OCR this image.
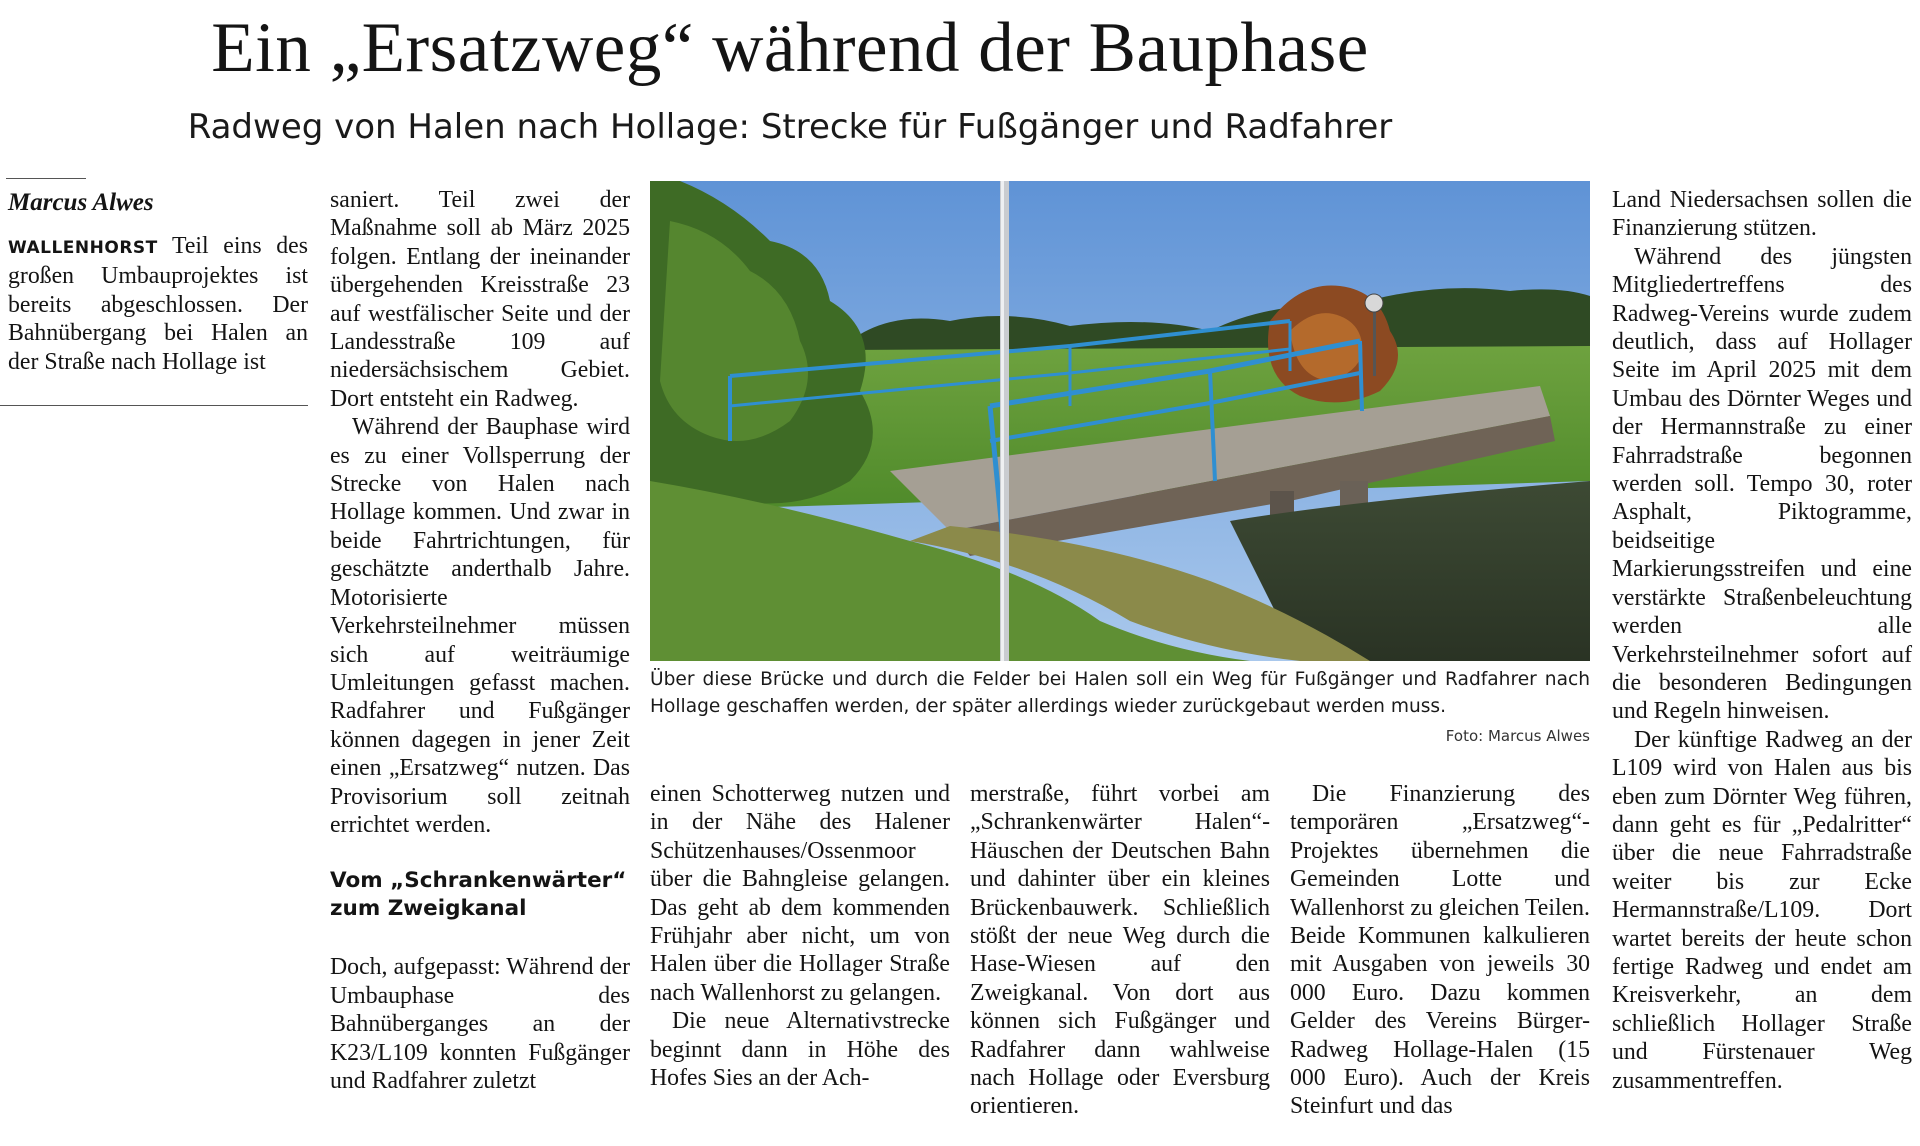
Ein „Ersatzweg“ während der Bauphase
Radweg von Halen nach Hollage: Strecke für Fußgänger und Radfahrer
Marcus Alwes

WALLENHORST Teil eins des großen Umbauprojektes ist bereits abgeschlossen. Der Bahnübergang bei Halen an der Straße nach Hollage ist

saniert. Teil zwei der Maßnahme soll ab März 2025 folgen. Entlang der ineinander übergehenden Kreisstraße 23 auf westfälischer Seite und der Landesstraße 109 auf niedersächsischem Gebiet. Dort entsteht ein Radweg.

Während der Bauphase wird es zu einer Vollsperrung der Strecke von Halen nach Hollage kommen. Und zwar in beide Fahrtrichtungen, für geschätzte anderthalb Jahre. Motorisierte Verkehrsteilnehmer müssen sich auf weiträumige Umleitungen gefasst machen. Radfahrer und Fußgänger können dagegen in jener Zeit einen „Ersatzweg“ nutzen. Das Provisorium soll zeitnah errichtet werden.

Vom „Schrankenwärter“
zum Zweigkanal

Doch, aufgepasst: Während der Umbauphase des Bahnüberganges an der K23/L109 konnten Fußgänger und Radfahrer zuletzt

Über diese Brücke und durch die Felder bei Halen soll ein Weg für Fußgänger und Radfahrer nach Hollage geschaffen werden, der später allerdings wieder zurückgebaut werden muss.
Foto: Marcus Alwes

einen Schotterweg nutzen und in der Nähe des Halener Schützenhauses/Ossenmoor über die Bahngleise gelangen. Das geht ab dem kommenden Frühjahr aber nicht, um von Halen über die Hollager Straße nach Wallenhorst zu gelangen.

Die neue Alternativstrecke beginnt dann in Höhe des Hofes Sies an der Ach-

merstraße, führt vorbei am „Schrankenwärter Halen“-Häuschen der Deutschen Bahn und dahinter über ein kleines Brückenbauwerk. Schließlich stößt der neue Weg durch die Hase-Wiesen auf den Zweigkanal. Von dort aus können sich Fußgänger und Radfahrer dann wahlweise nach Hollage oder Eversburg orientieren.

Die Finanzierung des temporären „Ersatzweg“-Projektes übernehmen die Gemeinden Lotte und Wallenhorst zu gleichen Teilen. Beide Kommunen kalkulieren mit Ausgaben von jeweils 30 000 Euro. Dazu kommen Gelder des Vereins Bürger-Radweg Hollage-Halen (15 000 Euro). Auch der Kreis Steinfurt und das

Land Niedersachsen sollen die Finanzierung stützen.

Während des jüngsten Mitgliedertreffens des Radweg-Vereins wurde zudem deutlich, dass auf Hollager Seite im April 2025 mit dem Umbau des Dörnter Weges und der Hermannstraße zu einer Fahrradstraße begonnen werden soll. Tempo 30, roter Asphalt, Piktogramme, beidseitige Markierungsstreifen und eine verstärkte Straßenbeleuchtung werden alle Verkehrsteilnehmer sofort auf die besonderen Bedingungen und Regeln hinweisen.

Der künftige Radweg an der L109 wird von Halen aus bis eben zum Dörnter Weg führen, dann geht es für „Pedalritter“ über die neue Fahrradstraße weiter bis zur Ecke Hermannstraße/L109. Dort wartet bereits der heute schon fertige Radweg und endet am Kreisverkehr, an dem schließlich Hollager Straße und Fürstenauer Weg zusammentreffen.
